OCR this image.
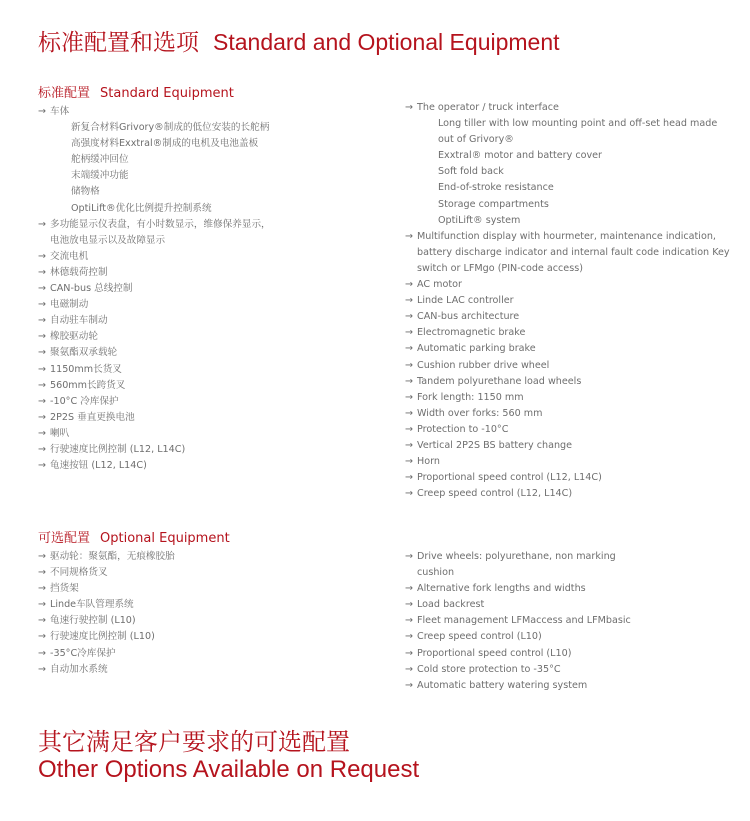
标准配置和选项 Standard and Optional Equipment
标准配置 Standard Equipment
→ 车体
新复合材料Grivory®制成的低位安装的长舵柄
高强度材料Exxtral®制成的电机及电池盖板
舵柄缓冲回位
末端缓冲功能
储物格
OptiLift®优化比例提升控制系统
→ 多功能显示仪表盘，有小时数显示，维修保养显示，
电池放电显示以及故障显示
→ 交流电机
→ 林德载荷控制
→ CAN-bus 总线控制
→ 电磁制动
→ 自动驻车制动
→ 橡胶驱动轮
→ 聚氨酯双承载轮
→ 1150mm长货叉
→ 560mm长跨货叉
→ -10°C 冷库保护
→ 2P2S 垂直更换电池
→ 喇叭
→ 行驶速度比例控制 (L12, L14C)
→ 龟速按钮 (L12, L14C)
→ The operator / truck interface
Long tiller with low mounting point and off-set head made
out of Grivory®
Exxtral® motor and battery cover
Soft fold back
End-of-stroke resistance
Storage compartments
OptiLift® system
→ Multifunction display with hourmeter, maintenance indication,
battery discharge indicator and internal fault code indication Key
switch or LFMgo (PIN-code access)
→ AC motor
→ Linde LAC controller
→ CAN-bus architecture
→ Electromagnetic brake
→ Automatic parking brake
→ Cushion rubber drive wheel
→ Tandem polyurethane load wheels
→ Fork length: 1150 mm
→ Width over forks: 560 mm
→ Protection to -10°C
→ Vertical 2P2S BS battery change
→ Horn
→ Proportional speed control (L12, L14C)
→ Creep speed control (L12, L14C)
可选配置 Optional Equipment
→ 驱动轮：聚氨酯，无痕橡胶胎
→ 不同规格货叉
→ 挡货架
→ Linde车队管理系统
→ 龟速行驶控制 (L10)
→ 行驶速度比例控制 (L10)
→ -35°C冷库保护
→ 自动加水系统
→ Drive wheels: polyurethane, non marking
cushion
→ Alternative fork lengths and widths
→ Load backrest
→ Fleet management LFMaccess and LFMbasic
→ Creep speed control (L10)
→ Proportional speed control (L10)
→ Cold store protection to -35°C
→ Automatic battery watering system
其它满足客户要求的可选配置
Other Options Available on Request
